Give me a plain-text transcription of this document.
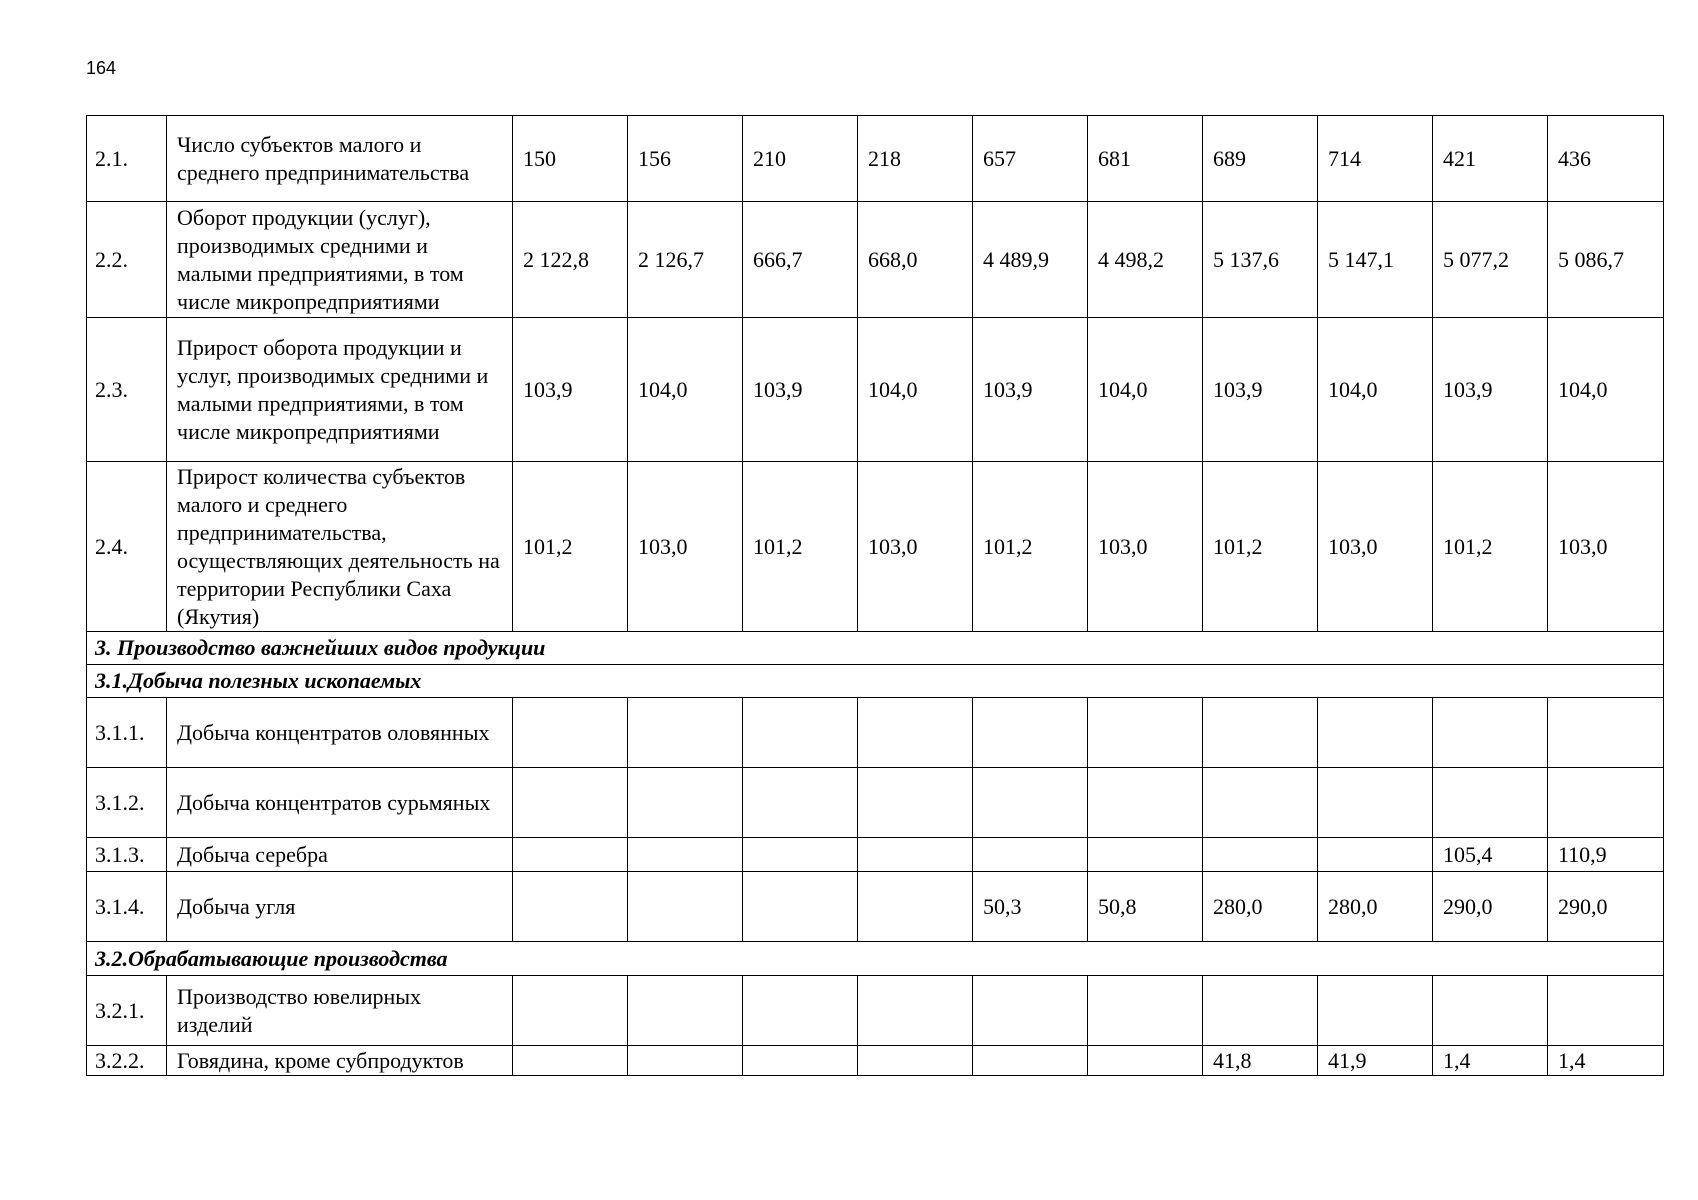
164
2.1.	Число субъектов малого и среднего предпринимательства	150	156	210	218	657	681	689	714	421	436
2.2.	Оборот продукции (услуг), производимых средними и малыми предприятиями, в том числе микропредприятиями	2 122,8	2 126,7	666,7	668,0	4 489,9	4 498,2	5 137,6	5 147,1	5 077,2	5 086,7
2.3.	Прирост оборота продукции и услуг, производимых средними и малыми предприятиями, в том числе микропредприятиями	103,9	104,0	103,9	104,0	103,9	104,0	103,9	104,0	103,9	104,0
2.4.	Прирост количества субъектов малого и среднего предпринимательства, осуществляющих деятельность на территории Республики Саха (Якутия)	101,2	103,0	101,2	103,0	101,2	103,0	101,2	103,0	101,2	103,0
3. Производство важнейших видов продукции											
3.1.Добыча полезных ископаемых											
3.1.1.	Добыча концентратов оловянных										
3.1.2.	Добыча концентратов сурьмяных										
3.1.3.	Добыча серебра									105,4	110,9
3.1.4.	Добыча угля					50,3	50,8	280,0	280,0	290,0	290,0
3.2.Обрабатывающие производства											
3.2.1.	Производство ювелирных изделий										
3.2.2.	Говядина, кроме субпродуктов							41,8	41,9	1,4	1,4
